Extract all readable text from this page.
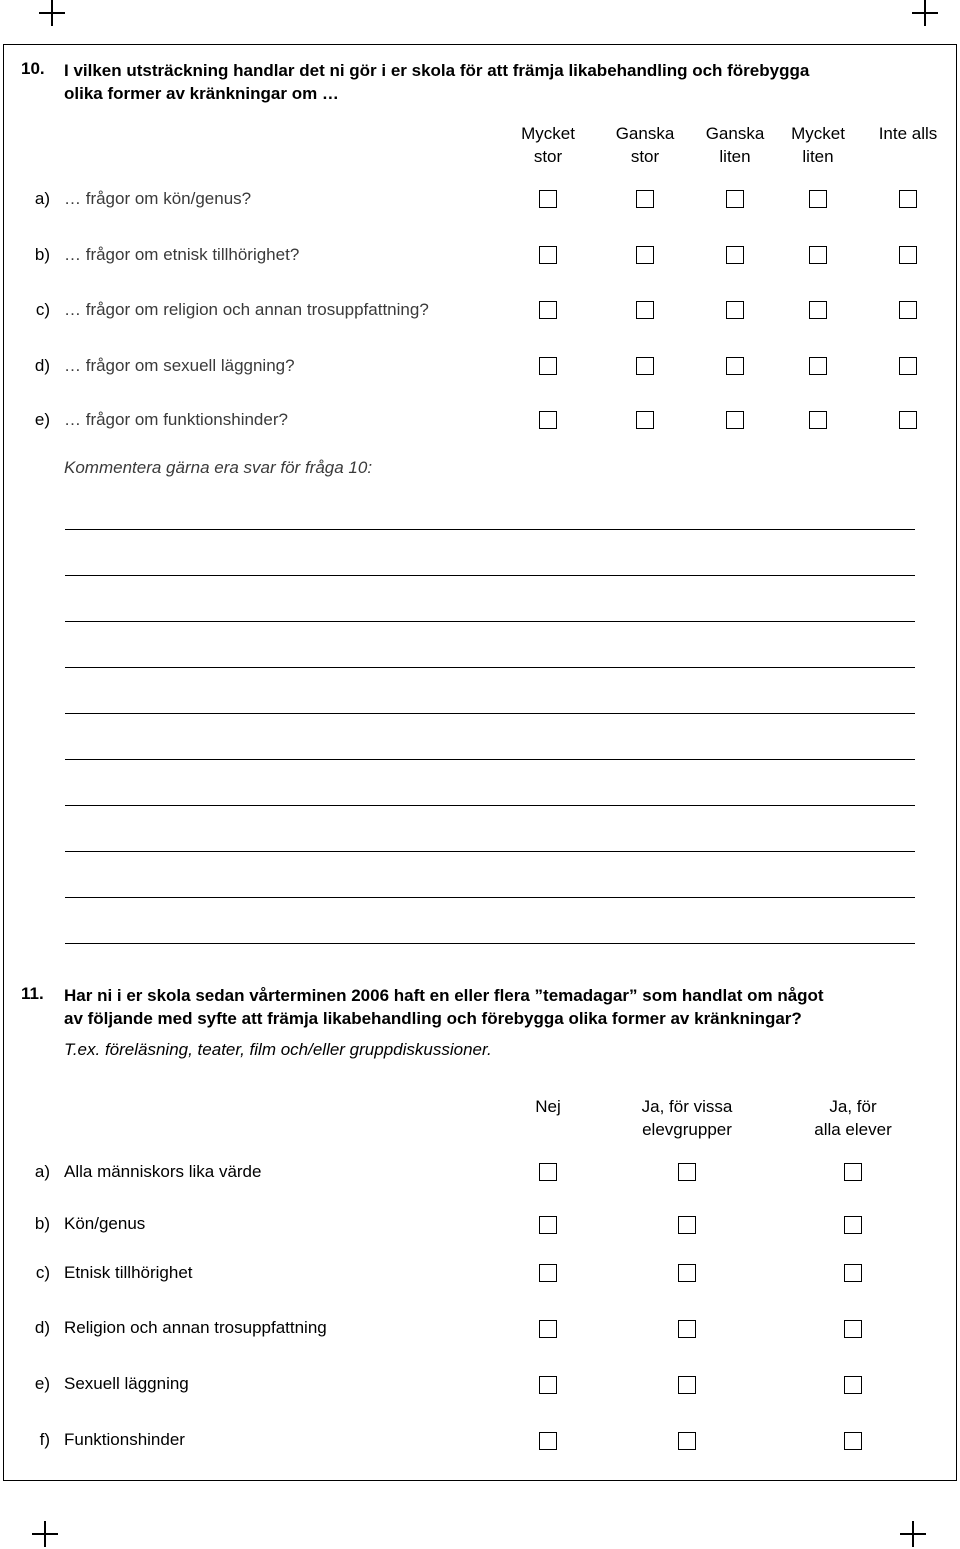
10. I vilken utsträckning handlar det ni gör i er skola för att främja likabehandling och förebygga
olika former av kränkningar om …
Mycket
stor
Ganska
stor
Ganska
liten
Mycket
liten
Inte alls
a) … frågor om kön/genus?
b) … frågor om etnisk tillhörighet?
c) … frågor om religion och annan trosuppfattning?
d) … frågor om sexuell läggning?
e) … frågor om funktionshinder?
Kommentera gärna era svar för fråga 10:
11. Har ni i er skola sedan vårterminen 2006 haft en eller flera ”temadagar” som handlat om något
av följande med syfte att främja likabehandling och förebygga olika former av kränkningar?
T.ex. föreläsning, teater, film och/eller gruppdiskussioner.
Nej	Ja, för vissa
elevgrupper
Ja, för
alla elever
a) Alla människors lika värde
b) Kön/genus
c) Etnisk tillhörighet
d) Religion och annan trosuppfattning
e) Sexuell läggning
f) Funktionshinder
